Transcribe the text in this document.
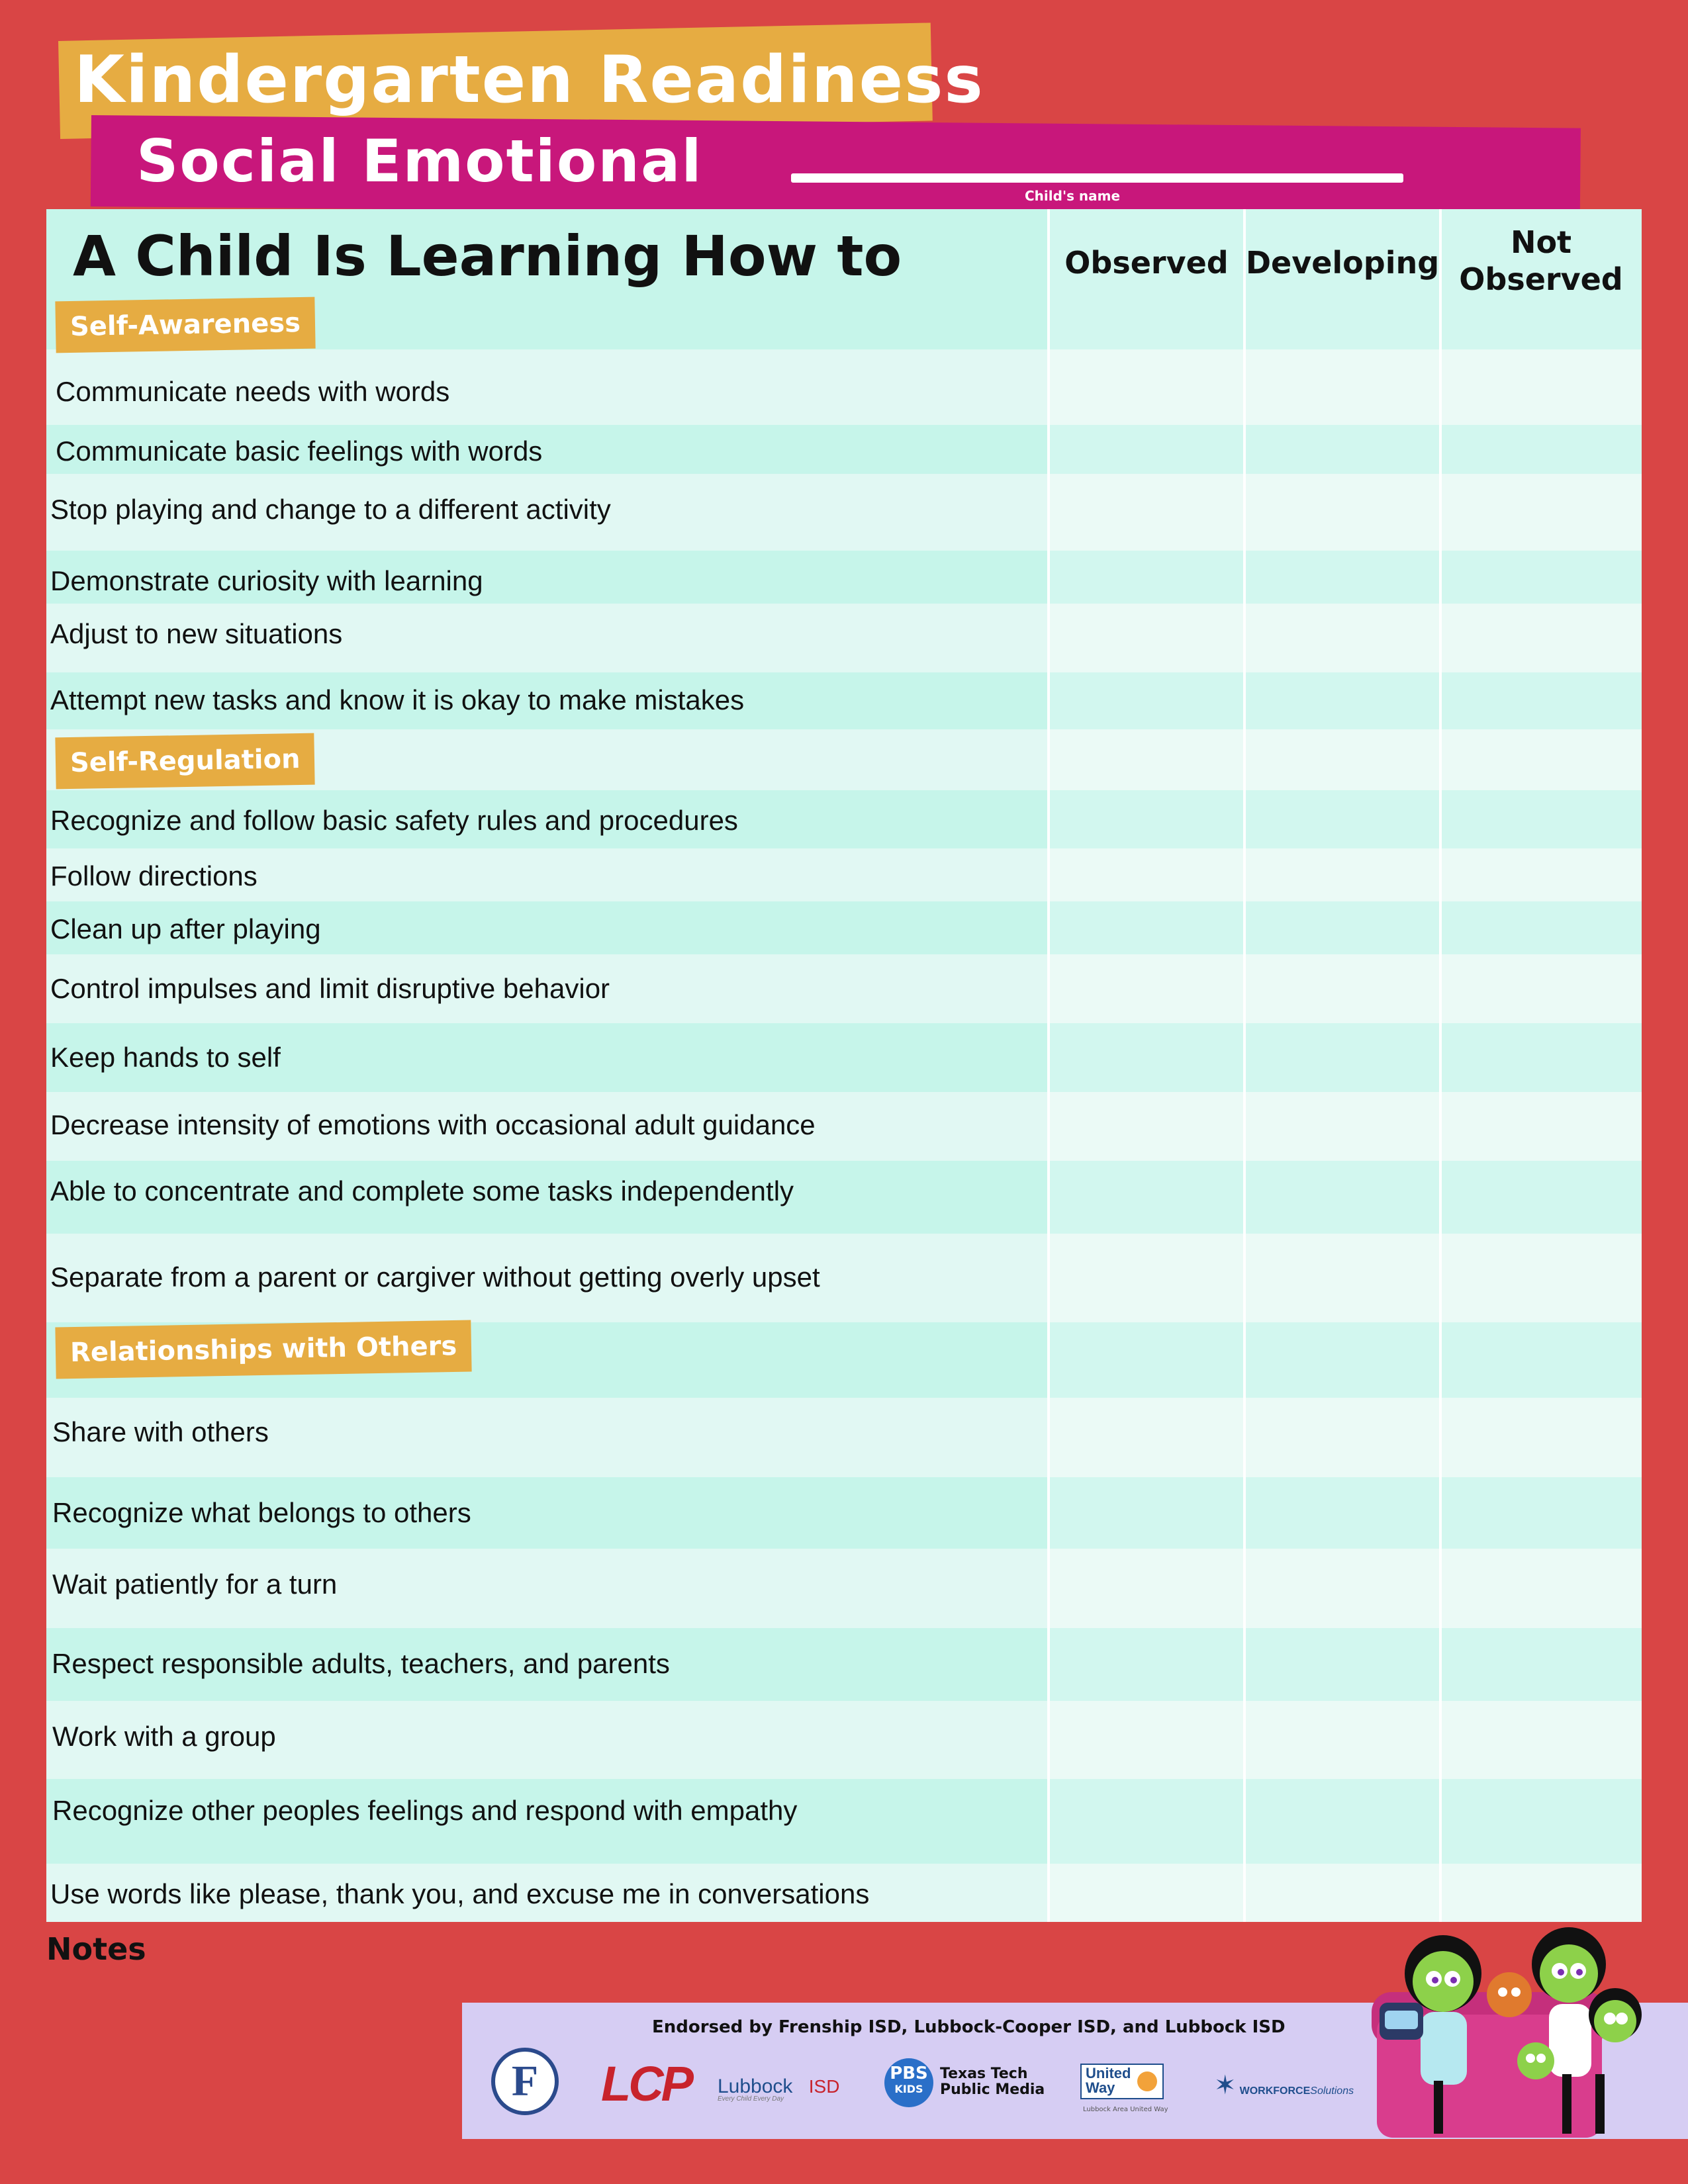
Kindergarten Readiness
Social Emotional
Child's name
Communicate needs with words
Communicate basic feelings with words
Stop playing and change to a different activity
Demonstrate curiosity with learning
Adjust to new situations
Attempt new tasks and know it is okay to make mistakes
Recognize and follow basic safety rules and procedures
Follow directions
Clean up after playing
Control impulses and limit disruptive behavior
Keep hands to self
Decrease intensity of emotions with occasional adult guidance
Able to concentrate and complete some tasks independently
Separate from a parent or cargiver without getting overly upset
Share with others
Recognize what belongs to others
Wait patiently for a turn
Respect responsible adults, teachers, and parents
Work with a group
Recognize other peoples feelings and respond with empathy
Use words like please, thank you, and excuse me in conversations
Self-Awareness
Self-Regulation
Relationships with Others
Observed Developing
Not
Observed
A Child Is Learning How to
Notes
Endorsed by Frenship ISD, Lubbock-Cooper ISD, and Lubbock ISD
F	LCP Lubbock ISD
Every Child Every Day
PBS
KIDS
Texas Tech
Public Media
United
Way
Lubbock Area United Way
✶ WORKFORCESolutions
